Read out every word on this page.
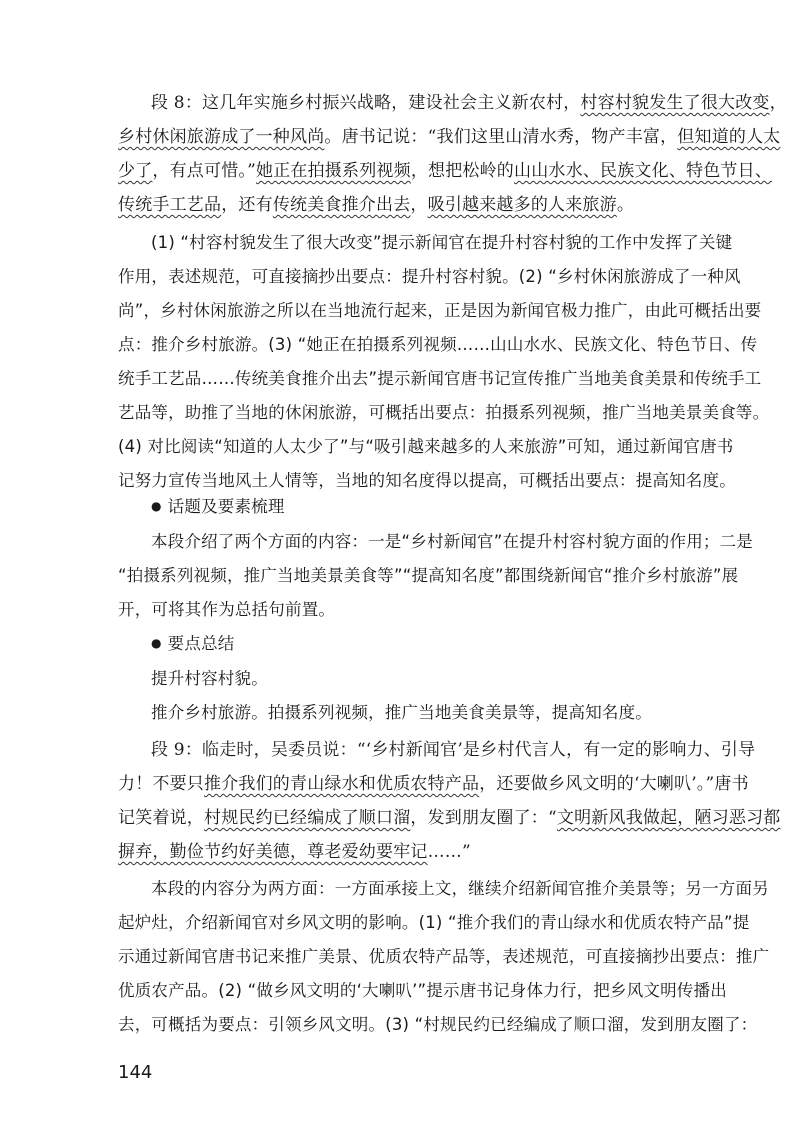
段 8：这几年实施乡村振兴战略，建设社会主义新农村，村容村貌发生了很大改变，
乡村休闲旅游成了一种风尚。唐书记说：“我们这里山清水秀，物产丰富，但知道的人太
少了，有点可惜。”她正在拍摄系列视频，想把松岭的山山水水、民族文化、特色节日、
传统手工艺品，还有传统美食推介出去，吸引越来越多的人来旅游。
(1) “村容村貌发生了很大改变”提示新闻官在提升村容村貌的工作中发挥了关键
作用，表述规范，可直接摘抄出要点：提升村容村貌。(2) “乡村休闲旅游成了一种风
尚”，乡村休闲旅游之所以在当地流行起来，正是因为新闻官极力推广，由此可概括出要
点：推介乡村旅游。(3) “她正在拍摄系列视频……山山水水、民族文化、特色节日、传
统手工艺品……传统美食推介出去”提示新闻官唐书记宣传推广当地美食美景和传统手工
艺品等，助推了当地的休闲旅游，可概括出要点：拍摄系列视频，推广当地美景美食等。
(4) 对比阅读“知道的人太少了”与“吸引越来越多的人来旅游”可知，通过新闻官唐书
记努力宣传当地风土人情等，当地的知名度得以提高，可概括出要点：提高知名度。
● 话题及要素梳理
本段介绍了两个方面的内容：一是“乡村新闻官”在提升村容村貌方面的作用；二是
“拍摄系列视频，推广当地美景美食等”“提高知名度”都围绕新闻官“推介乡村旅游”展
开，可将其作为总括句前置。
● 要点总结
提升村容村貌。
推介乡村旅游。拍摄系列视频，推广当地美食美景等，提高知名度。
段 9：临走时，吴委员说：“‘乡村新闻官’是乡村代言人，有一定的影响力、引导
力！不要只推介我们的青山绿水和优质农特产品，还要做乡风文明的‘大喇叭’。”唐书
记笑着说，村规民约已经编成了顺口溜，发到朋友圈了：“文明新风我做起，陋习恶习都
摒弃，勤俭节约好美德，尊老爱幼要牢记……”
本段的内容分为两方面：一方面承接上文，继续介绍新闻官推介美景等；另一方面另
起炉灶，介绍新闻官对乡风文明的影响。(1) “推介我们的青山绿水和优质农特产品”提
示通过新闻官唐书记来推广美景、优质农特产品等，表述规范，可直接摘抄出要点：推广
优质农产品。(2) “做乡风文明的‘大喇叭’”提示唐书记身体力行，把乡风文明传播出
去，可概括为要点：引领乡风文明。(3) “村规民约已经编成了顺口溜，发到朋友圈了：
144
